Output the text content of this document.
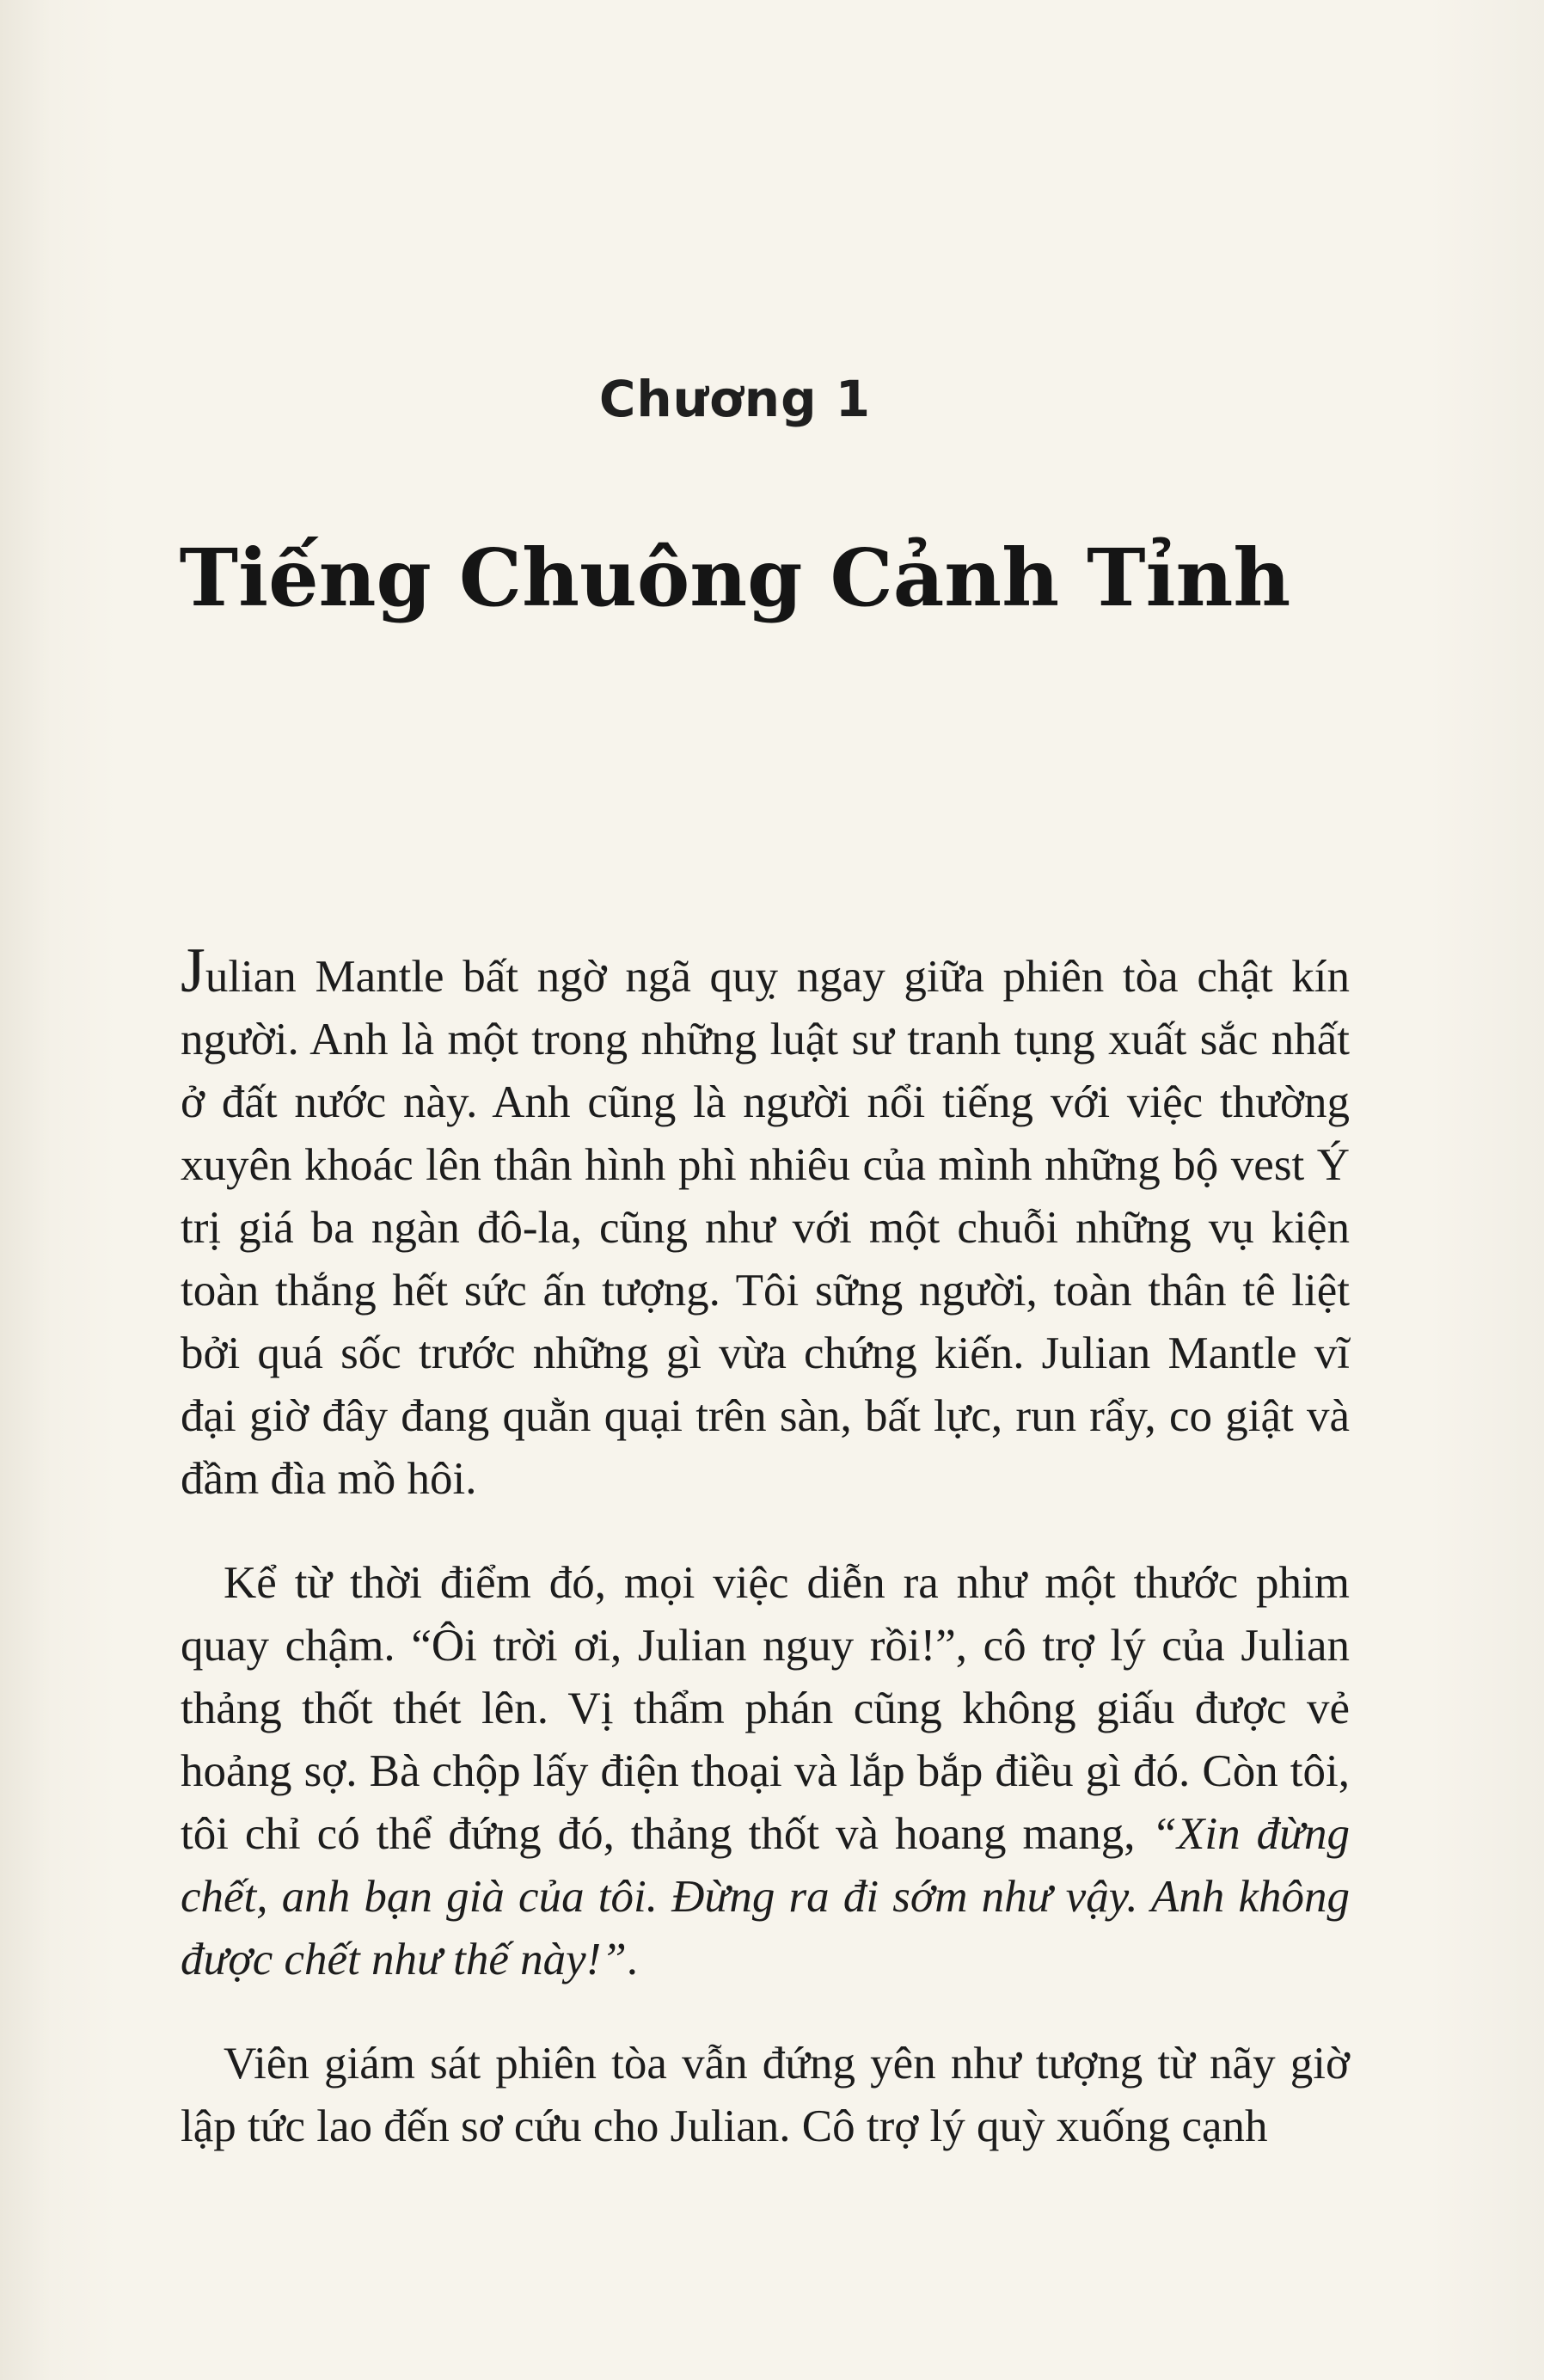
Chương 1
Tiếng Chuông Cảnh Tỉnh

Julian Mantle bất ngờ ngã quỵ ngay giữa phiên tòa chật kín người. Anh là một trong những luật sư tranh tụng xuất sắc nhất ở đất nước này. Anh cũng là người nổi tiếng với việc thường xuyên khoác lên thân hình phì nhiêu của mình những bộ vest Ý trị giá ba ngàn đô-la, cũng như với một chuỗi những vụ kiện toàn thắng hết sức ấn tượng. Tôi sững người, toàn thân tê liệt bởi quá sốc trước những gì vừa chứng kiến. Julian Mantle vĩ đại giờ đây đang quằn quại trên sàn, bất lực, run rẩy, co giật và đầm đìa mồ hôi.

Kể từ thời điểm đó, mọi việc diễn ra như một thước phim quay chậm. “Ôi trời ơi, Julian nguy rồi!”, cô trợ lý của Julian thảng thốt thét lên. Vị thẩm phán cũng không giấu được vẻ hoảng sợ. Bà chộp lấy điện thoại và lắp bắp điều gì đó. Còn tôi, tôi chỉ có thể đứng đó, thảng thốt và hoang mang, “Xin đừng chết, anh bạn già của tôi. Đừng ra đi sớm như vậy. Anh không được chết như thế này!”.

Viên giám sát phiên tòa vẫn đứng yên như tượng từ nãy giờ lập tức lao đến sơ cứu cho Julian. Cô trợ lý quỳ xuống cạnh
